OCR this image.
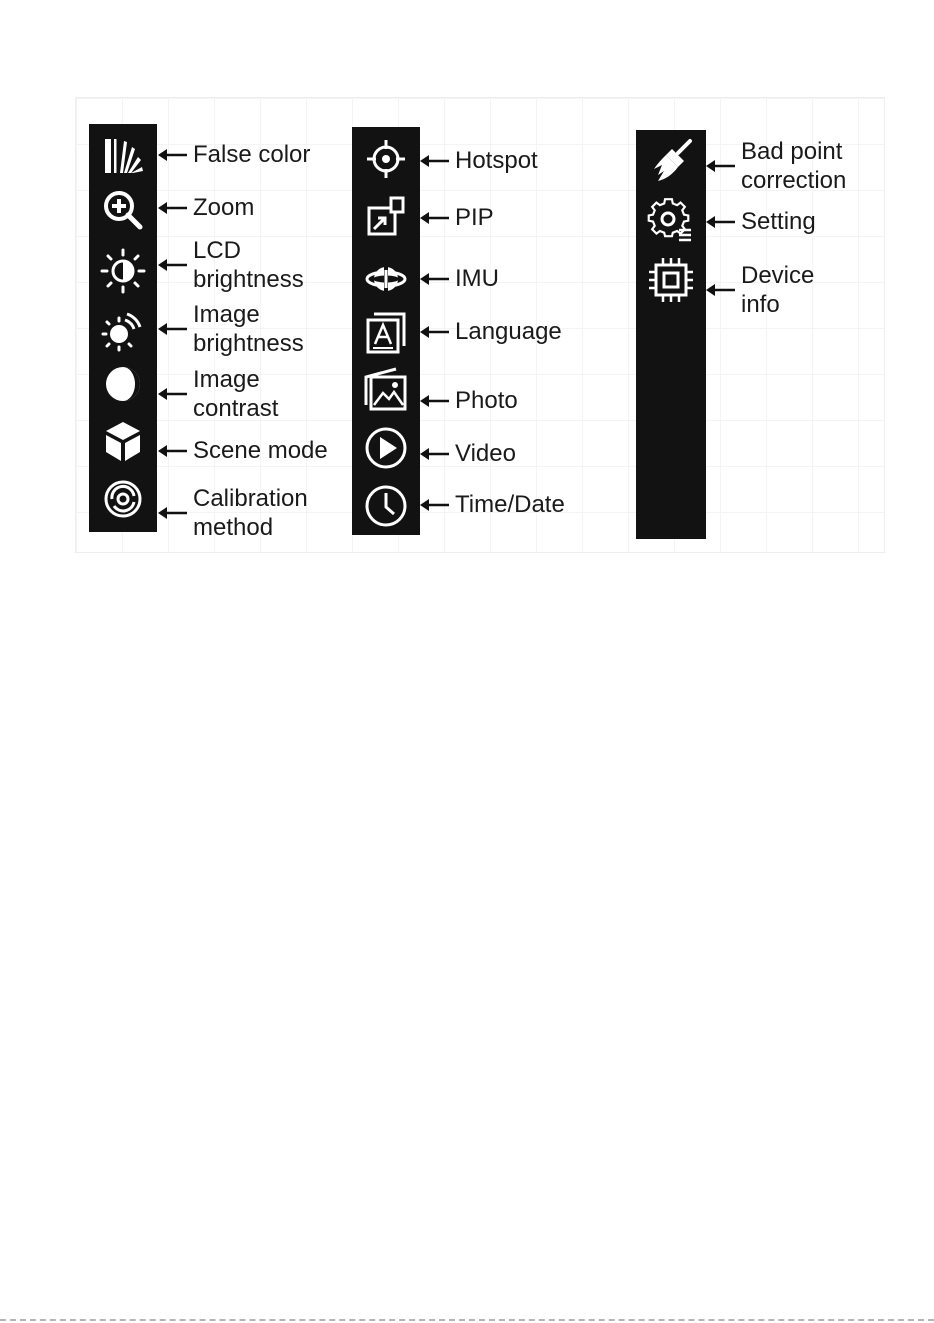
False color
Zoom
LCD
brightness
Image
brightness
Image
contrast
Scene mode
Calibration
method
Hotspot
PIP
IMU
Language
Photo
Video
Time/Date
Bad point
correction
Setting
Device
info
